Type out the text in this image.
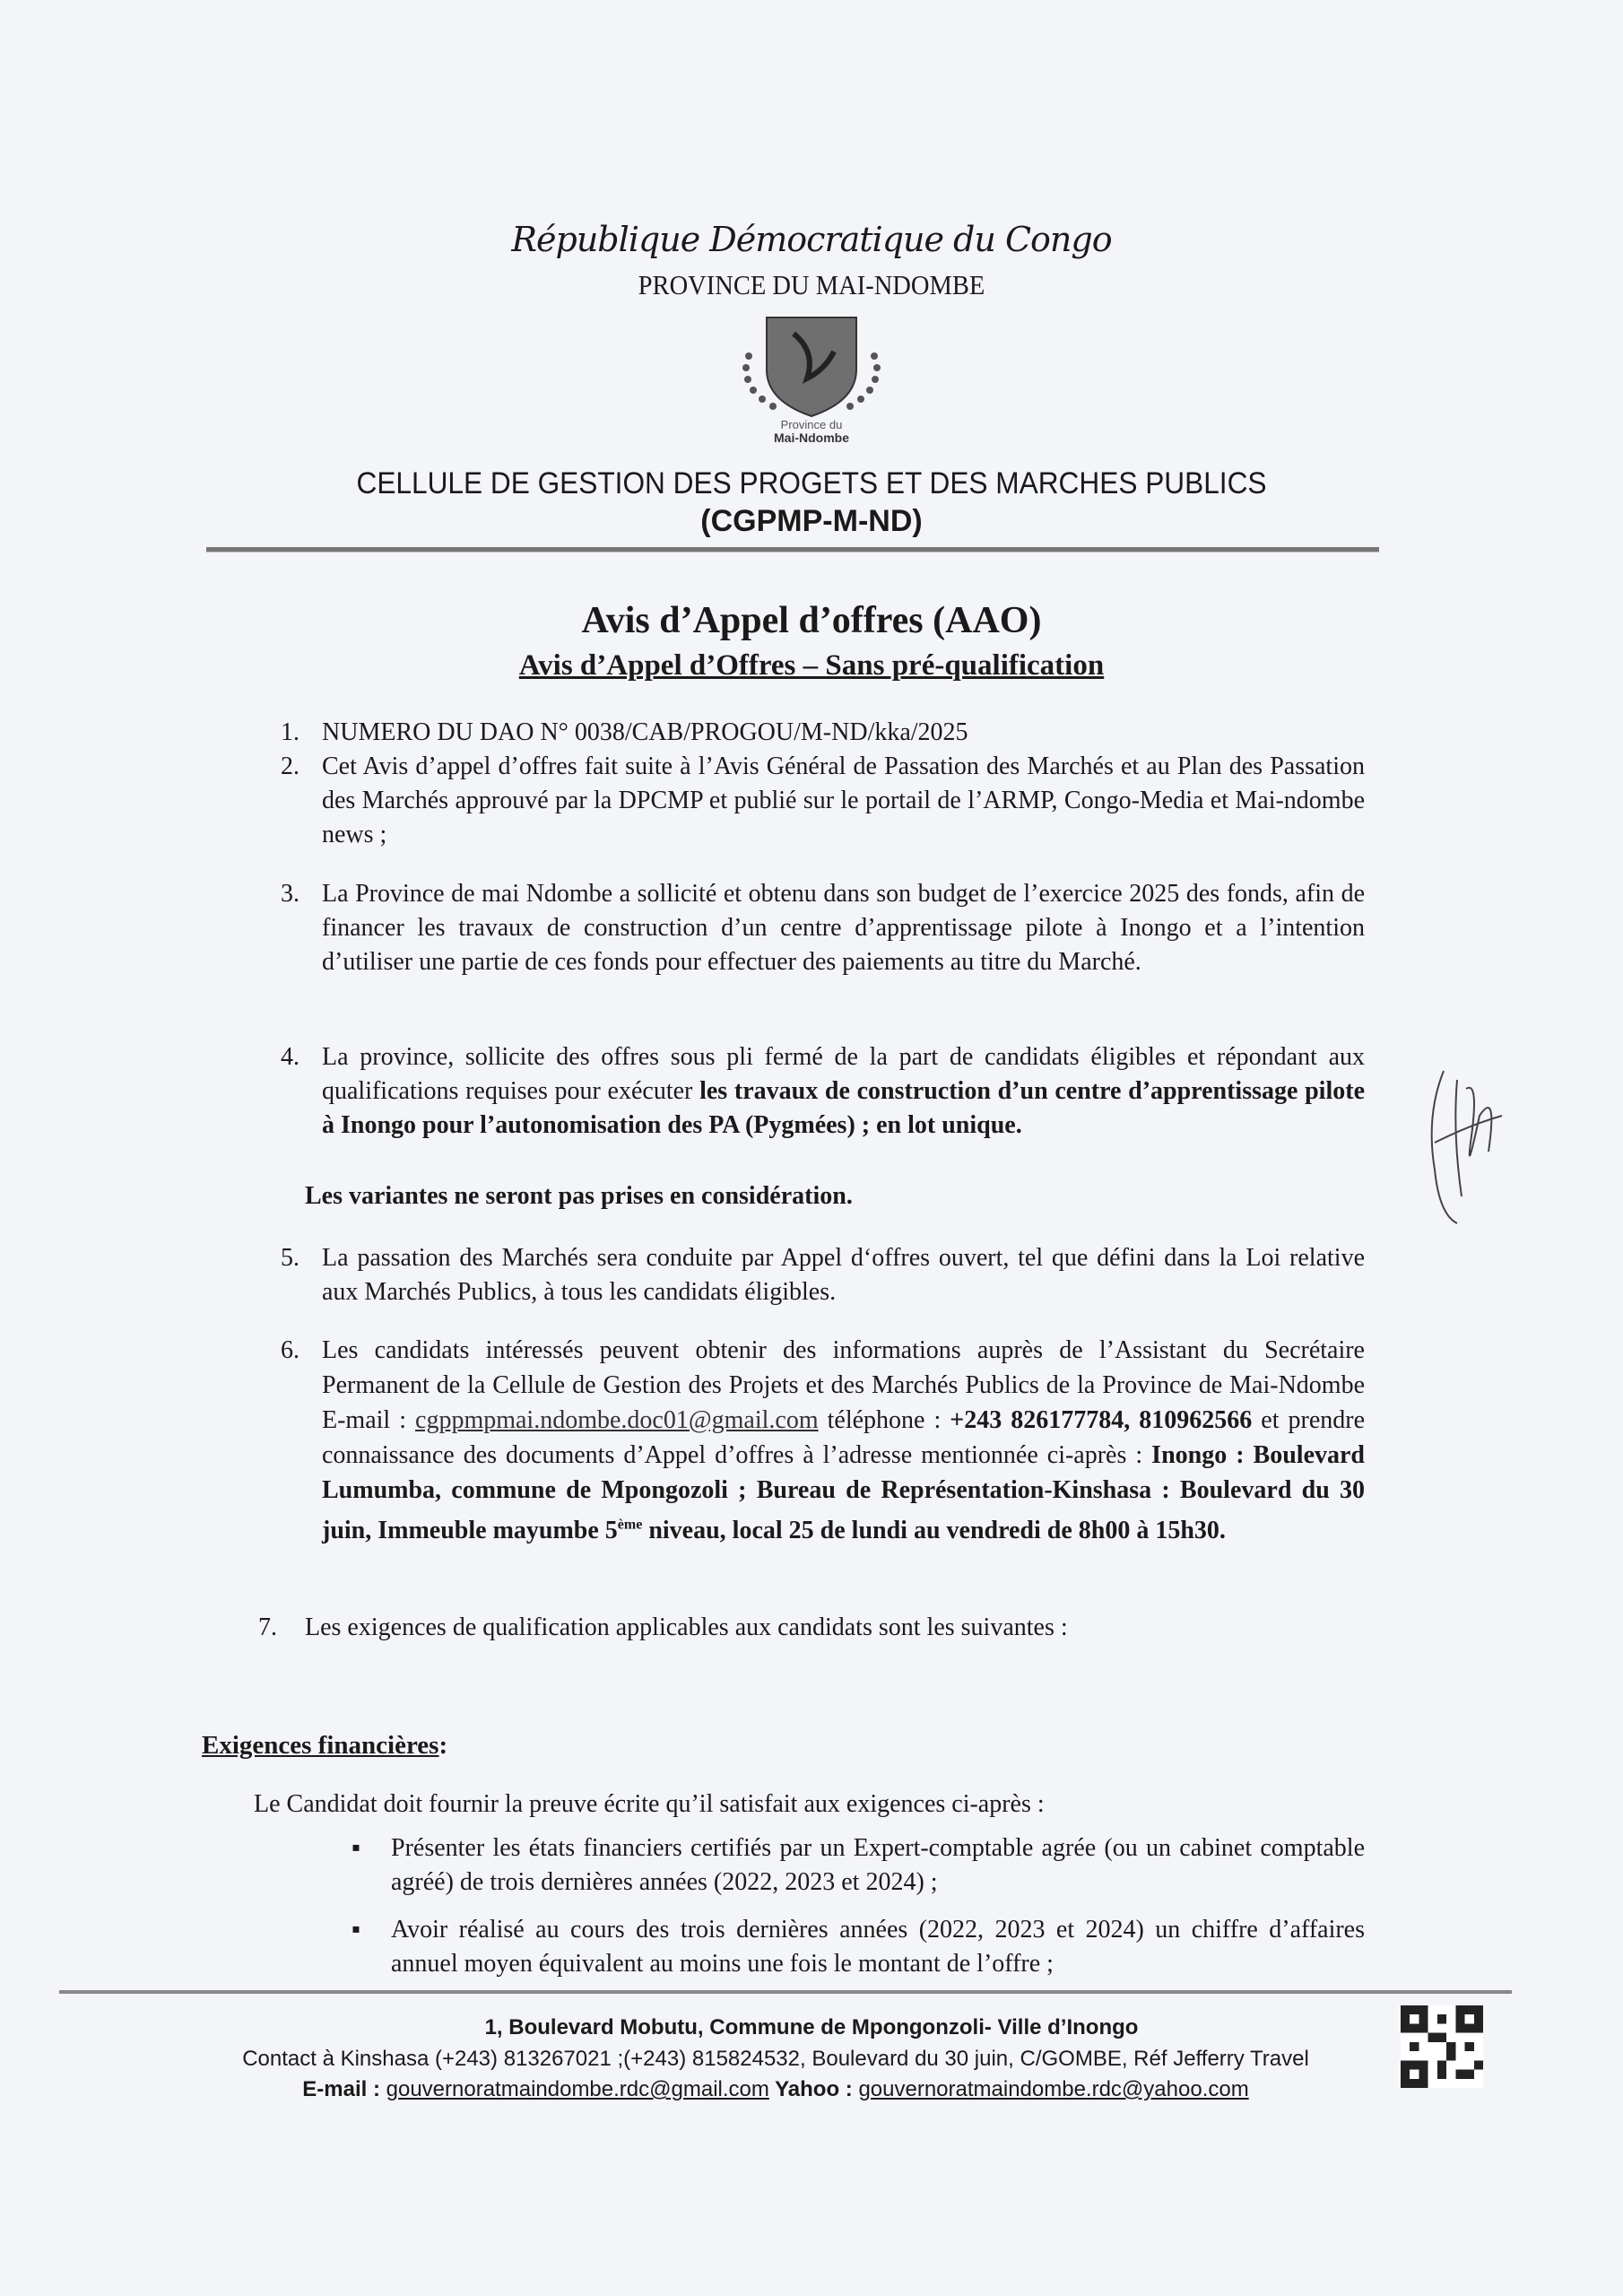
République Démocratique du Congo
PROVINCE DU MAI-NDOMBE
Province du
Mai-Ndombe
CELLULE DE GESTION DES PROGETS ET DES MARCHES PUBLICS
(CGPMP-M-ND)
Avis d’Appel d’offres (AAO)
Avis d’Appel d’Offres – Sans pré-qualification
1. NUMERO DU DAO N° 0038/CAB/PROGOU/M-ND/kka/2025
2. Cet Avis d’appel d’offres fait suite à l’Avis Général de Passation des Marchés et au Plan des Passation des Marchés approuvé par la DPCMP et publié sur le portail de l’ARMP, Congo-Media et Mai-ndombe news ;
3. La Province de mai Ndombe a sollicité et obtenu dans son budget de l’exercice 2025 des fonds, afin de financer les travaux de construction d’un centre d’apprentissage pilote à Inongo et a l’intention d’utiliser une partie de ces fonds pour effectuer des paiements au titre du Marché.
4. La province, sollicite des offres sous pli fermé de la part de candidats éligibles et répondant aux qualifications requises pour exécuter les travaux de construction d’un centre d’apprentissage pilote à Inongo pour l’autonomisation des PA (Pygmées) ; en lot unique.
Les variantes ne seront pas prises en considération.
5. La passation des Marchés sera conduite par Appel d‘offres ouvert, tel que défini dans la Loi relative aux Marchés Publics, à tous les candidats éligibles.
6. Les candidats intéressés peuvent obtenir des informations auprès de l’Assistant du Secrétaire Permanent de la Cellule de Gestion des Projets et des Marchés Publics de la Province de Mai-Ndombe E-mail : cgppmpmai.ndombe.doc01@gmail.com téléphone : +243 826177784, 810962566 et prendre connaissance des documents d’Appel d’offres à l’adresse mentionnée ci-après : Inongo : Boulevard Lumumba, commune de Mpongozoli ; Bureau de Représentation-Kinshasa : Boulevard du 30 juin, Immeuble mayumbe 5ème niveau, local 25 de lundi au vendredi de 8h00 à 15h30.
7. Les exigences de qualification applicables aux candidats sont les suivantes :
Exigences financières:
Le Candidat doit fournir la preuve écrite qu’il satisfait aux exigences ci-après :
▪ Présenter les états financiers certifiés par un Expert-comptable agrée (ou un cabinet comptable agréé) de trois dernières années (2022, 2023 et 2024) ;
▪ Avoir réalisé au cours des trois dernières années (2022, 2023 et 2024) un chiffre d’affaires annuel moyen équivalent au moins une fois le montant de l’offre ;
1, Boulevard Mobutu, Commune de Mpongonzoli- Ville d’Inongo
Contact à Kinshasa (+243) 813267021 ;(+243) 815824532, Boulevard du 30 juin, C/GOMBE, Réf Jefferry Travel
E-mail : gouvernoratmaindombe.rdc@gmail.com Yahoo : gouvernoratmaindombe.rdc@yahoo.com
